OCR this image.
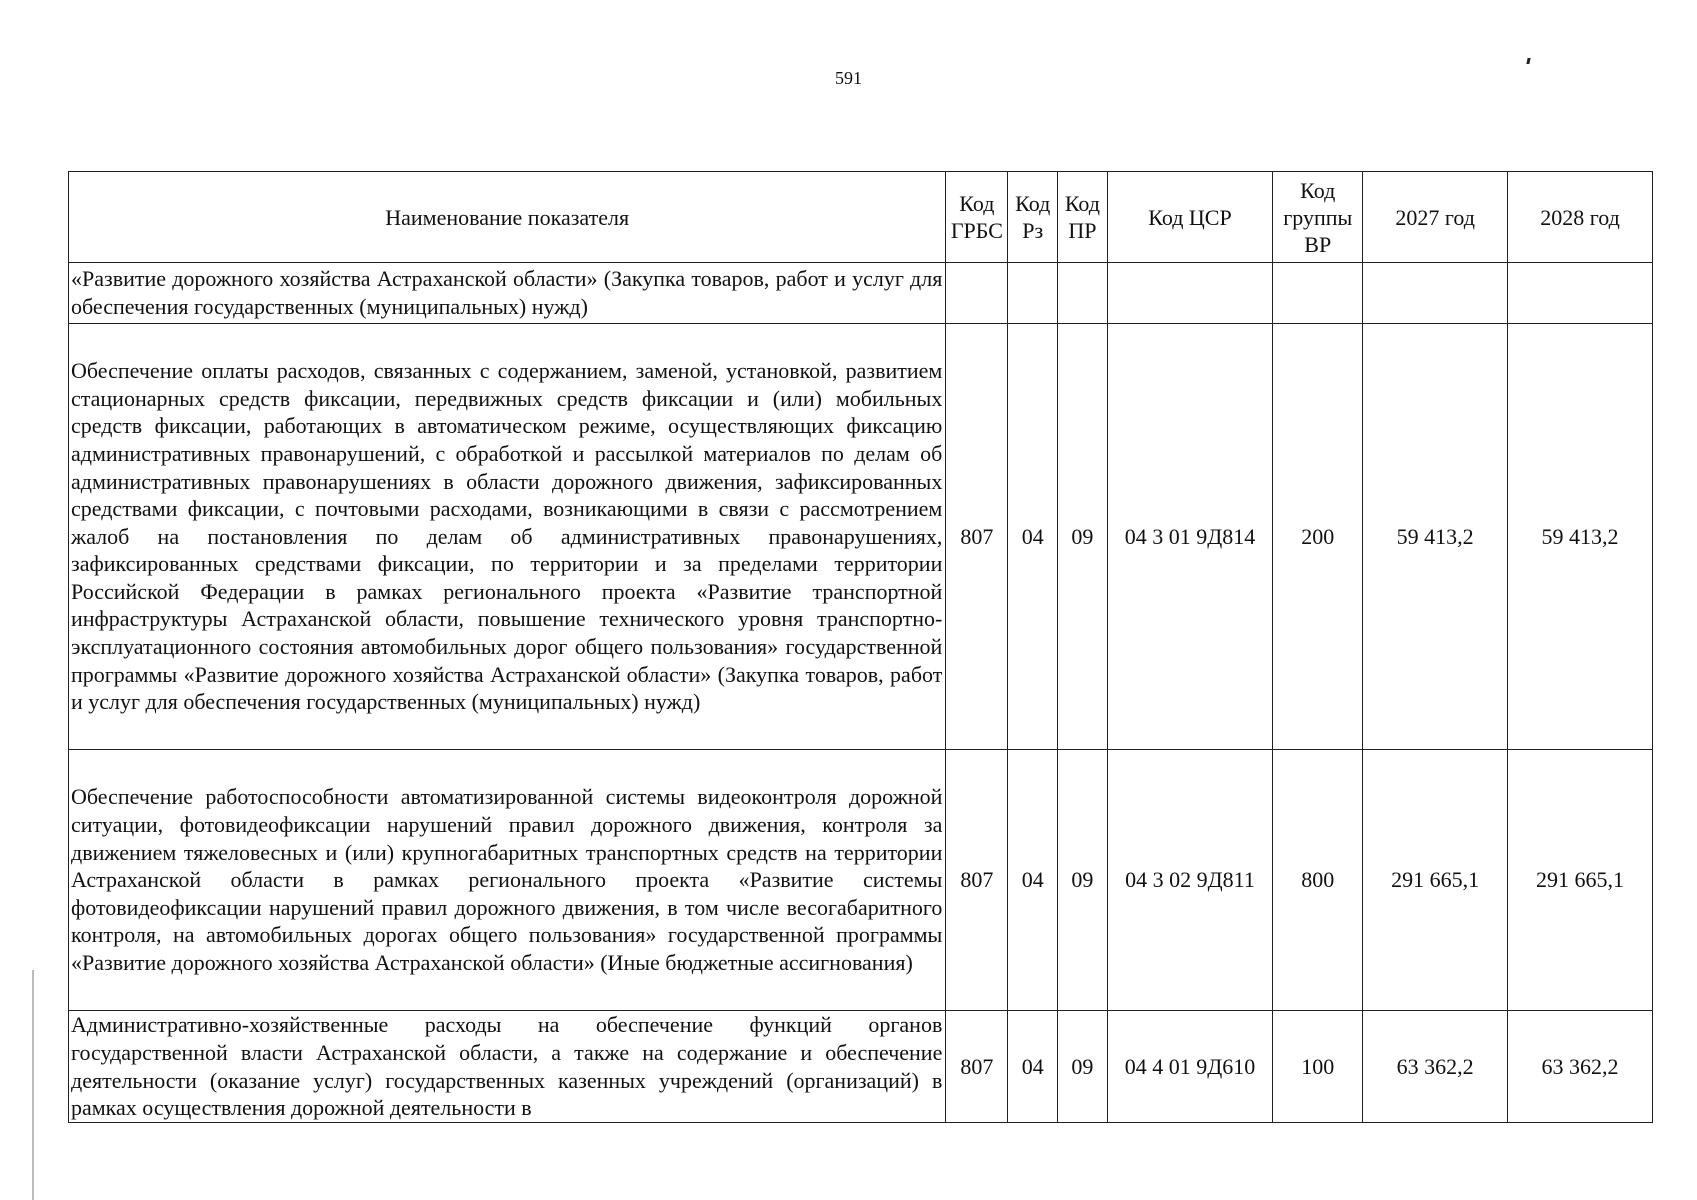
591
Наименование показателя	Код ГРБС	Код Рз	Код ПР	Код ЦСР	Код группы ВР	2027 год	2028 год
«Развитие дорожного хозяйства Астраханской области» (Закупка товаров, работ и услуг для обеспечения государственных (муниципальных) нужд)							
Обеспечение оплаты расходов, связанных с содержанием, заменой, установкой, развитием стационарных средств фиксации, передвижных средств фиксации и (или) мобильных средств фиксации, работающих в автоматическом режиме, осуществляющих фиксацию административных правонарушений, с обработкой и рассылкой материалов по делам об административных правонарушениях в области дорожного движения, зафиксированных средствами фиксации, с почтовыми расходами, возникающими в связи с рассмотрением жалоб на постановления по делам об административных правонарушениях, зафиксированных средствами фиксации, по территории и за пределами территории Российской Федерации в рамках регионального проекта «Развитие транспортной инфраструктуры Астраханской области, повышение технического уровня транспортно-эксплуатационного состояния автомобильных дорог общего пользования» государственной программы «Развитие дорожного хозяйства Астраханской области» (Закупка товаров, работ и услуг для обеспечения государственных (муниципальных) нужд)	807	04	09	04 3 01 9Д814	200	59 413,2	59 413,2
Обеспечение работоспособности автоматизированной системы видеоконтроля дорожной ситуации, фотовидеофиксации нарушений правил дорожного движения, контроля за движением тяжеловесных и (или) крупногабаритных транспортных средств на территории Астраханской области в рамках регионального проекта «Развитие системы фотовидеофиксации нарушений правил дорожного движения, в том числе весогабаритного контроля, на автомобильных дорогах общего пользования» государственной программы «Развитие дорожного хозяйства Астраханской области» (Иные бюджетные ассигнования)	807	04	09	04 3 02 9Д811	800	291 665,1	291 665,1
Административно-хозяйственные расходы на обеспечение функций органов государственной власти Астраханской области, а также на содержание и обеспечение деятельности (оказание услуг) государственных казенных учреждений (организаций) в рамках осуществления дорожной деятельности в	807	04	09	04 4 01 9Д610	100	63 362,2	63 362,2
